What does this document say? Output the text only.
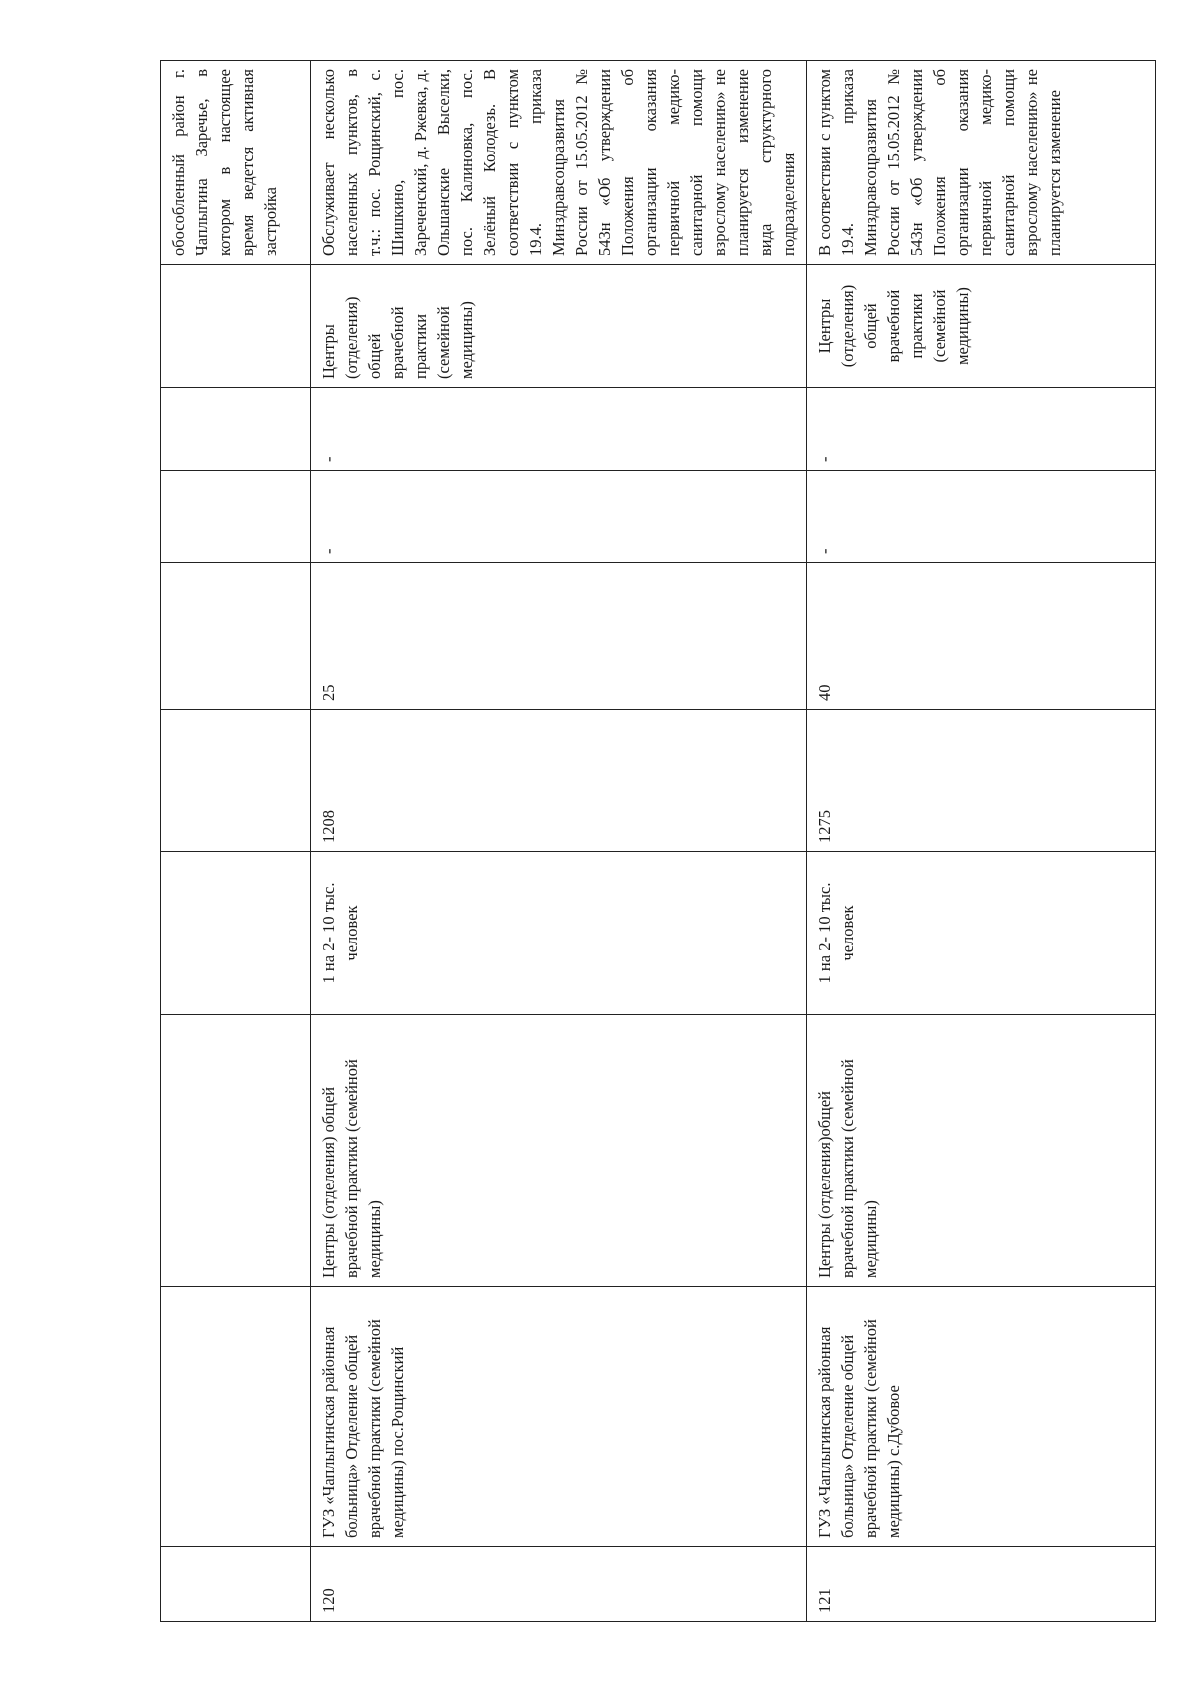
									обособленный район г. Чаплыгина Заречье, в котором в настоящее время ведется активная застройка
120	ГУЗ «Чаплыгинская районная больница» Отделение общей врачебной практики (семейной медицины) пос.Рощинский	Центры (отделения) общей врачебной практики (семейной медицины)	1 на 2- 10 тыс. человек	1208	25	-	-	Центры (отделения) общей врачебной практики (семейной медицины)	Обслуживает несколько населенных пунктов, в т.ч.: пос. Рощинский, с. Шишкино, пос. Зареченский, д. Ржевка, д. Ольшанские Выселки, пос. Калиновка, пос. Зелёный Колодезь. В соответствии с пунктом 19.4. приказа Минздравсоцразвития России от 15.05.2012 № 543н «Об утверждении Положения об организации оказания первичной медико-санитарной помощи взрослому населению» не планируется изменение вида структурного подразделения
121	ГУЗ «Чаплыгинская районная больница» Отделение общей врачебной практики (семейной медицины) с.Дубовое	Центры (отделения)общей врачебной практики (семейной медицины)	1 на 2- 10 тыс. человек	1275	40	-	-	Центры (отделения) общей врачебной практики (семейной медицины)	В соответствии с пунктом 19.4. приказа Минздравсоцразвития России от 15.05.2012 № 543н «Об утверждении Положения об организации оказания первичной медико-санитарной помощи взрослому населению» не планируется изменение
